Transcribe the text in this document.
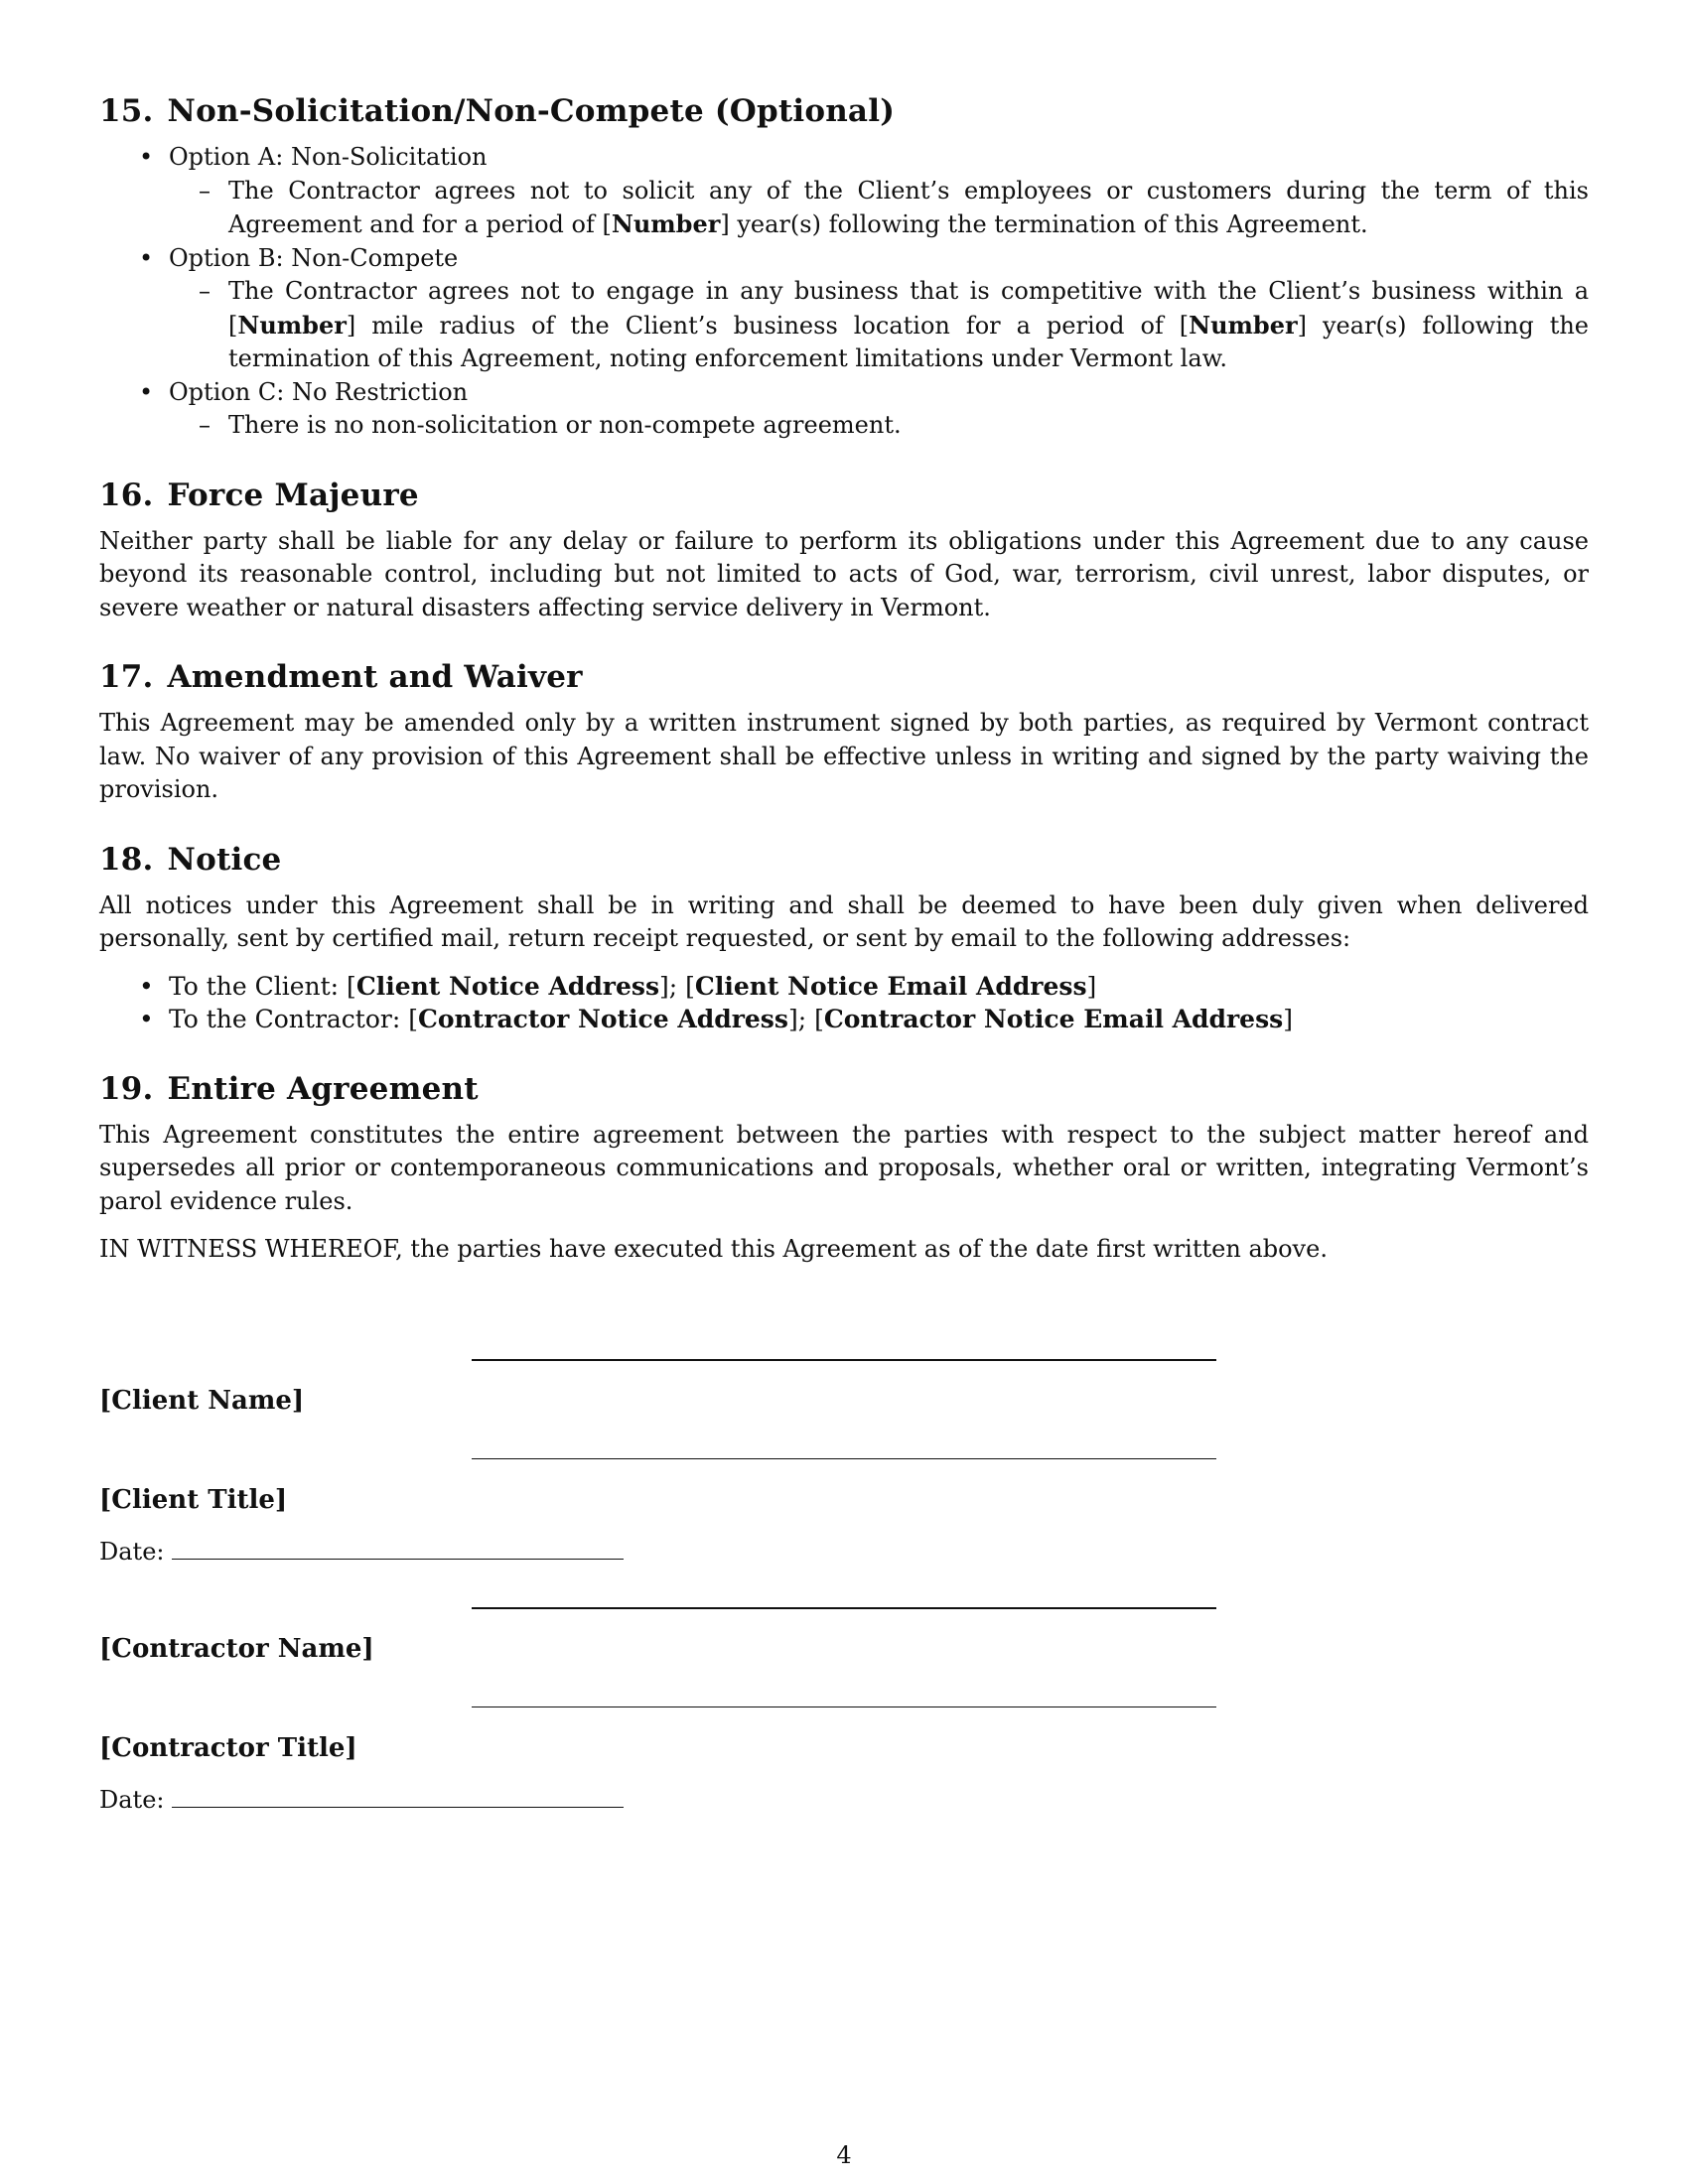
15. Non-Solicitation/Non-Compete (Optional)
• Option A: Non-Solicitation
– The Contractor agrees not to solicit any of the Client’s employees or customers during the term of this Agreement and for a period of [Number] year(s) following the termination of this Agreement.
• Option B: Non-Compete
– The Contractor agrees not to engage in any business that is competitive with the Client’s business within a [Number] mile radius of the Client’s business location for a period of [Number] year(s) following the termination of this Agreement, noting enforcement limitations under Vermont law.
• Option C: No Restriction
– There is no non-solicitation or non-compete agreement.
16. Force Majeure

Neither party shall be liable for any delay or failure to perform its obligations under this Agreement due to any cause beyond its reasonable control, including but not limited to acts of God, war, terrorism, civil unrest, labor disputes, or severe weather or natural disasters affecting service delivery in Vermont.

17. Amendment and Waiver

This Agreement may be amended only by a written instrument signed by both parties, as required by Vermont contract law. No waiver of any provision of this Agreement shall be effective unless in writing and signed by the party waiving the provision.

18. Notice

All notices under this Agreement shall be in writing and shall be deemed to have been duly given when delivered personally, sent by certified mail, return receipt requested, or sent by email to the following addresses:

• To the Client: [Client Notice Address]; [Client Notice Email Address]
• To the Contractor: [Contractor Notice Address]; [Contractor Notice Email Address]
19. Entire Agreement

This Agreement constitutes the entire agreement between the parties with respect to the subject matter hereof and supersedes all prior or contemporaneous communications and proposals, whether oral or written, integrating Vermont’s parol evidence rules.

IN WITNESS WHEREOF, the parties have executed this Agreement as of the date first written above.

[Client Name]
[Client Title]
Date:
[Contractor Name]
[Contractor Title]
Date:
4
